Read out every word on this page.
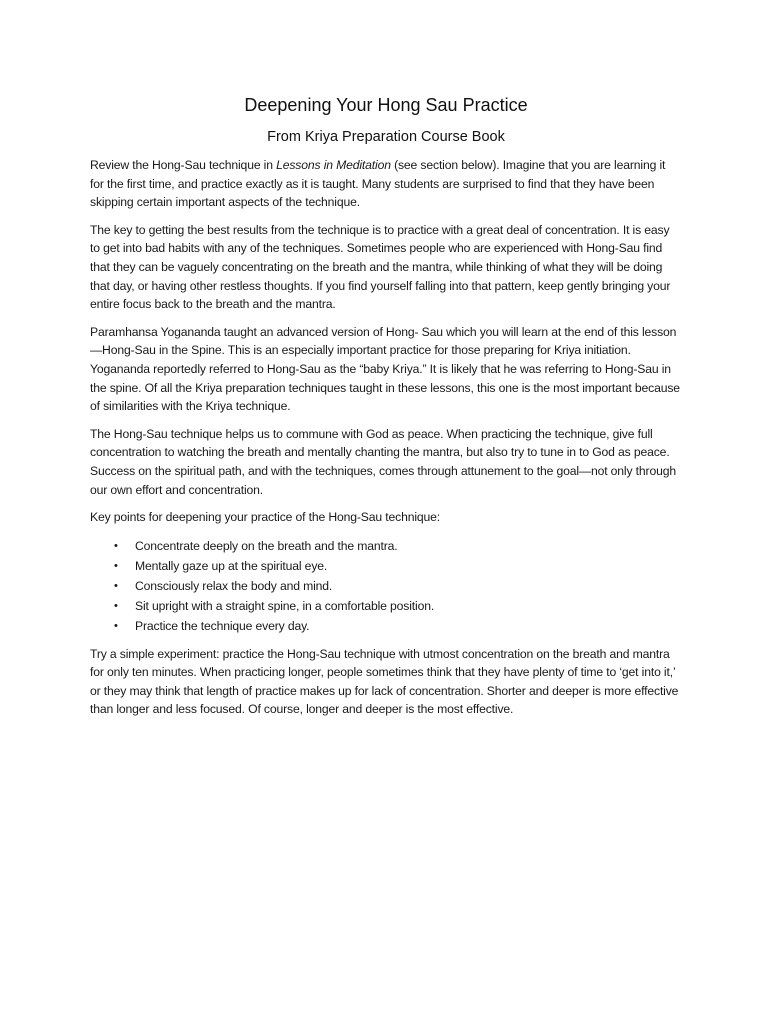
Deepening Your Hong Sau Practice
From Kriya Preparation Course Book

Review the Hong-Sau technique in Lessons in Meditation (see section below). Imagine that you are learning it for the first time, and practice exactly as it is taught. Many students are surprised to find that they have been skipping certain important aspects of the technique.

The key to getting the best results from the technique is to practice with a great deal of concentration. It is easy to get into bad habits with any of the techniques. Sometimes people who are experienced with Hong-Sau find that they can be vaguely concentrating on the breath and the mantra, while thinking of what they will be doing that day, or having other restless thoughts. If you find yourself falling into that pattern, keep gently bringing your entire focus back to the breath and the mantra.

Paramhansa Yogananda taught an advanced version of Hong- Sau which you will learn at the end of this lesson—Hong-Sau in the Spine. This is an especially important practice for those preparing for Kriya initiation. Yogananda reportedly referred to Hong-Sau as the “baby Kriya.” It is likely that he was referring to Hong-Sau in the spine. Of all the Kriya preparation techniques taught in these lessons, this one is the most important because of similarities with the Kriya technique.

The Hong-Sau technique helps us to commune with God as peace. When practicing the technique, give full concentration to watching the breath and mentally chanting the mantra, but also try to tune in to God as peace. Success on the spiritual path, and with the techniques, comes through attunement to the goal—not only through our own effort and concentration.

Key points for deepening your practice of the Hong-Sau technique:

• Concentrate deeply on the breath and the mantra.
• Mentally gaze up at the spiritual eye.
• Consciously relax the body and mind.
• Sit upright with a straight spine, in a comfortable position.
• Practice the technique every day.

Try a simple experiment: practice the Hong-Sau technique with utmost concentration on the breath and mantra for only ten minutes. When practicing longer, people sometimes think that they have plenty of time to ‘get into it,’ or they may think that length of practice makes up for lack of concentration. Shorter and deeper is more effective than longer and less focused. Of course, longer and deeper is the most effective.
